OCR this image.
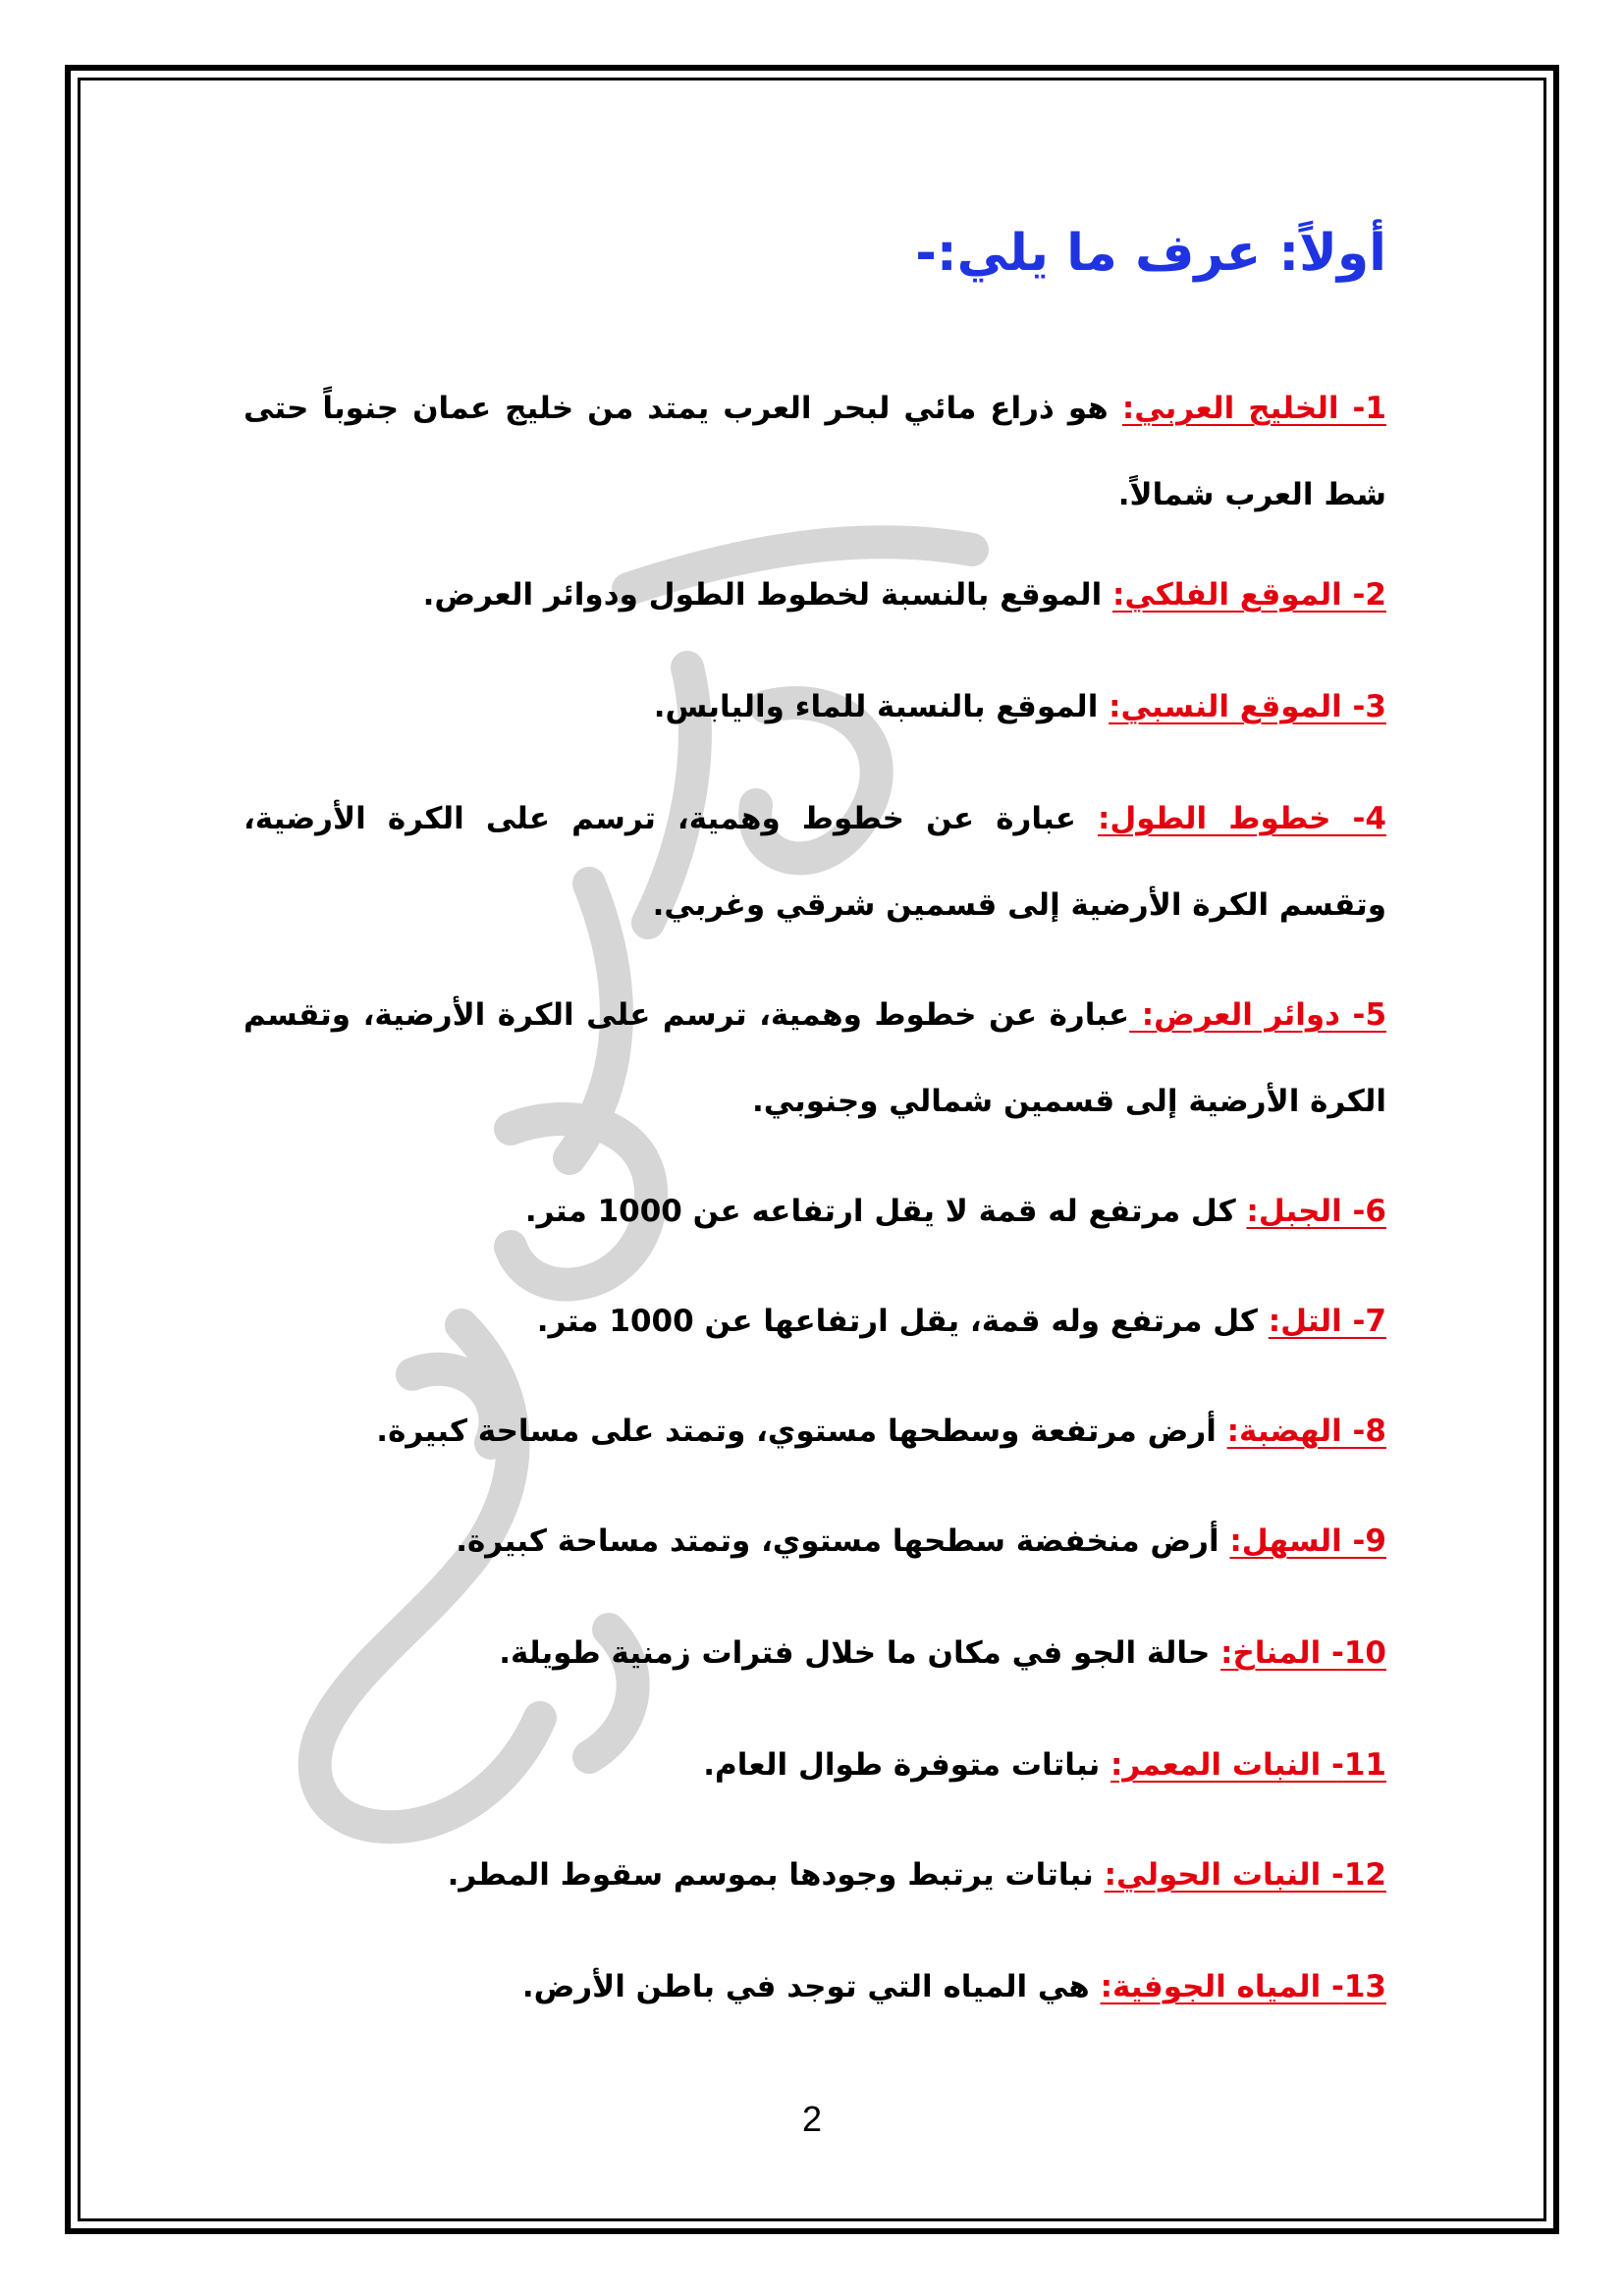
أولاً: عرف ما يلي:-

1- الخليج العربي: هو ذراع مائي لبحر العرب يمتد من خليج عمان جنوباً حتى شط العرب شمالاً.

2- الموقع الفلكي: الموقع بالنسبة لخطوط الطول ودوائر العرض.

3- الموقع النسبي: الموقع بالنسبة للماء واليابس.

4- خطوط الطول: عبارة عن خطوط وهمية، ترسم على الكرة الأرضية، وتقسم الكرة الأرضية إلى قسمين شرقي وغربي.

5- دوائر العرض: عبارة عن خطوط وهمية، ترسم على الكرة الأرضية، وتقسم الكرة الأرضية إلى قسمين شمالي وجنوبي.

6- الجبل: كل مرتفع له قمة لا يقل ارتفاعه عن 1000 متر.

7- التل: كل مرتفع وله قمة، يقل ارتفاعها عن 1000 متر.

8- الهضبة: أرض مرتفعة وسطحها مستوي، وتمتد على مساحة كبيرة.

9- السهل: أرض منخفضة سطحها مستوي، وتمتد مساحة كبيرة.

10- المناخ: حالة الجو في مكان ما خلال فترات زمنية طويلة.

11- النبات المعمر: نباتات متوفرة طوال العام.

12- النبات الحولي: نباتات يرتبط وجودها بموسم سقوط المطر.

13- المياه الجوفية: هي المياه التي توجد في باطن الأرض.

2
